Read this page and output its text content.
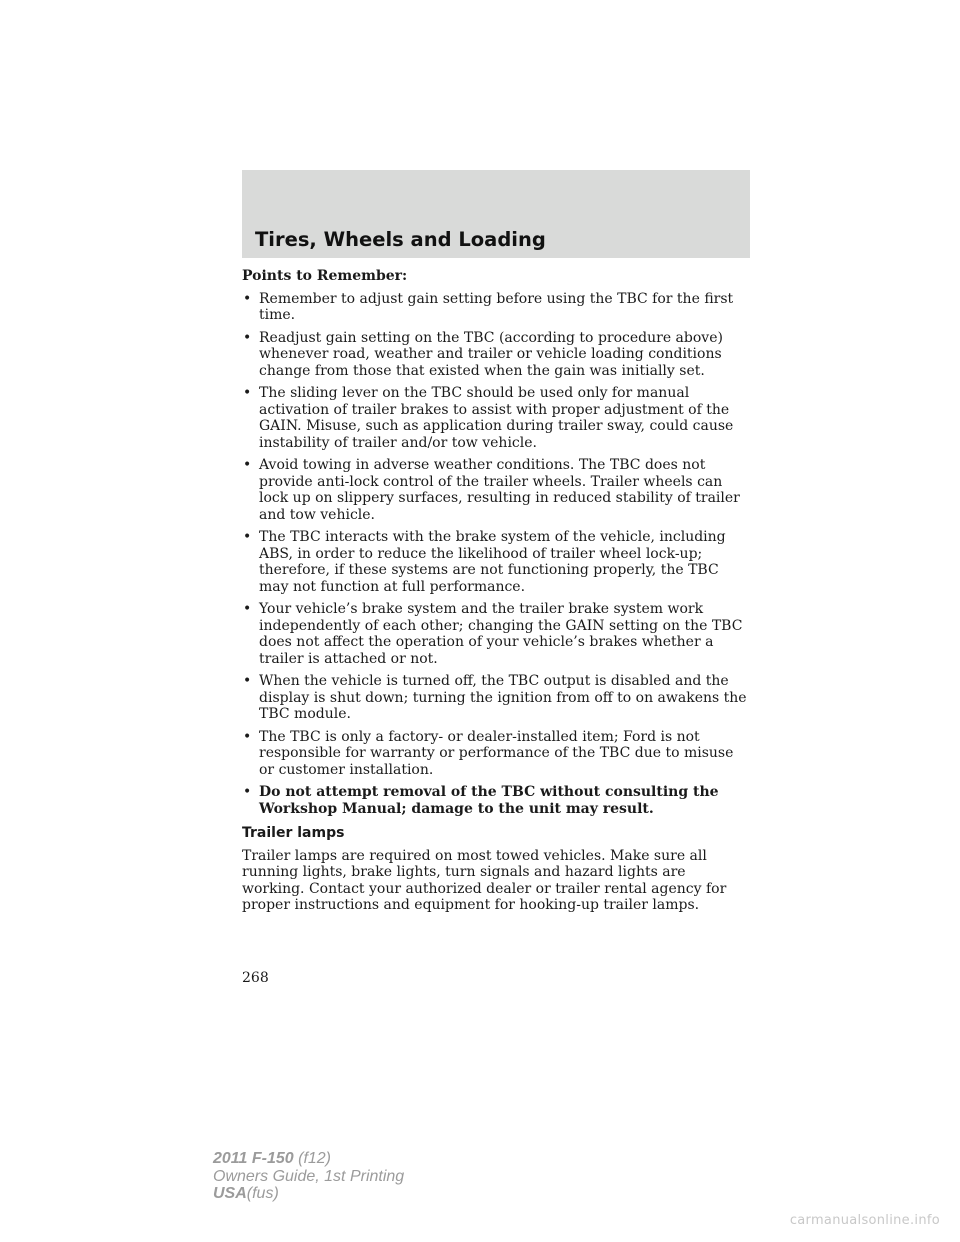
Tires, Wheels and Loading
Points to Remember:
• Remember to adjust gain setting before using the TBC for the first time.
• Readjust gain setting on the TBC (according to procedure above) whenever road, weather and trailer or vehicle loading conditions change from those that existed when the gain was initially set.
• The sliding lever on the TBC should be used only for manual activation of trailer brakes to assist with proper adjustment of the GAIN. Misuse, such as application during trailer sway, could cause instability of trailer and/or tow vehicle.
• Avoid towing in adverse weather conditions. The TBC does not provide anti-lock control of the trailer wheels. Trailer wheels can lock up on slippery surfaces, resulting in reduced stability of trailer and tow vehicle.
• The TBC interacts with the brake system of the vehicle, including ABS, in order to reduce the likelihood of trailer wheel lock-up; therefore, if these systems are not functioning properly, the TBC may not function at full performance.
• Your vehicle’s brake system and the trailer brake system work independently of each other; changing the GAIN setting on the TBC does not affect the operation of your vehicle’s brakes whether a trailer is attached or not.
• When the vehicle is turned off, the TBC output is disabled and the display is shut down; turning the ignition from off to on awakens the TBC module.
• The TBC is only a factory- or dealer-installed item; Ford is not responsible for warranty or performance of the TBC due to misuse or customer installation.
• Do not attempt removal of the TBC without consulting the Workshop Manual; damage to the unit may result.
Trailer lamps

Trailer lamps are required on most towed vehicles. Make sure all running lights, brake lights, turn signals and hazard lights are working. Contact your authorized dealer or trailer rental agency for proper instructions and equipment for hooking-up trailer lamps.

268
2011 F-150 (f12)
Owners Guide, 1st Printing
USA(fus)
carmanualsonline.info
